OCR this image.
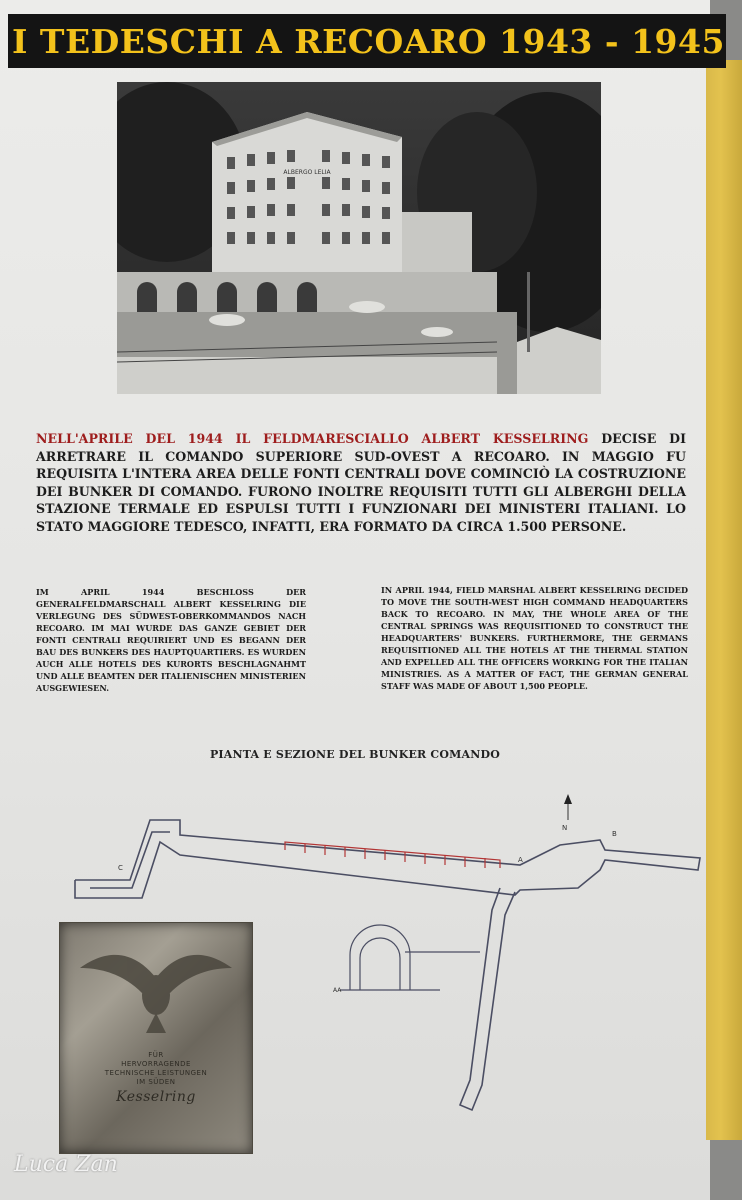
I TEDESCHI A RECOARO 1943 - 1945
ALBERGO LELIA
NELL'APRILE DEL 1944 IL FELDMARESCIALLO ALBERT KESSELRING DECISE DI ARRETRARE IL COMANDO SUPERIORE SUD-OVEST A RECOARO. IN MAGGIO FU REQUISITA L'INTERA AREA DELLE FONTI CENTRALI DOVE COMINCIÒ LA COSTRUZIONE DEI BUNKER DI COMANDO. FURONO INOLTRE REQUISITI TUTTI GLI ALBERGHI DELLA STAZIONE TERMALE ED ESPULSI TUTTI I FUNZIONARI DEI MINISTERI ITALIANI. LO STATO MAGGIORE TEDESCO, INFATTI, ERA FORMATO DA CIRCA 1.500 PERSONE.
IM APRIL 1944 BESCHLOSS DER GENERALFELDMARSCHALL ALBERT KESSELRING DIE VERLEGUNG DES SÜDWEST-OBERKOMMANDOS NACH RECOARO. IM MAI WURDE DAS GANZE GEBIET DER FONTI CENTRALI REQUIRIERT UND ES BEGANN DER BAU DES BUNKERS DES HAUPTQUARTIERS. ES WURDEN AUCH ALLE HOTELS DES KURORTS BESCHLAGNAHMT UND ALLE BEAMTEN DER ITALIENISCHEN MINISTERIEN AUSGEWIESEN.
IN APRIL 1944, FIELD MARSHAL ALBERT KESSELRING DECIDED TO MOVE THE SOUTH-WEST HIGH COMMAND HEADQUARTERS BACK TO RECOARO. IN MAY, THE WHOLE AREA OF THE CENTRAL SPRINGS WAS REQUISITIONED TO CONSTRUCT THE HEADQUARTERS' BUNKERS. FURTHERMORE, THE GERMANS REQUISITIONED ALL THE HOTELS AT THE THERMAL STATION AND EXPELLED ALL THE OFFICERS WORKING FOR THE ITALIAN MINISTRIES. AS A MATTER OF FACT, THE GERMAN GENERAL STAFF WAS MADE OF ABOUT 1,500 PEOPLE.
PIANTA E SEZIONE DEL BUNKER COMANDO
N
B
C
A
AA
FÜR
HERVORRAGENDE
TECHNISCHE LEISTUNGEN
IM SÜDEN
Kesselring
Luca Zan
